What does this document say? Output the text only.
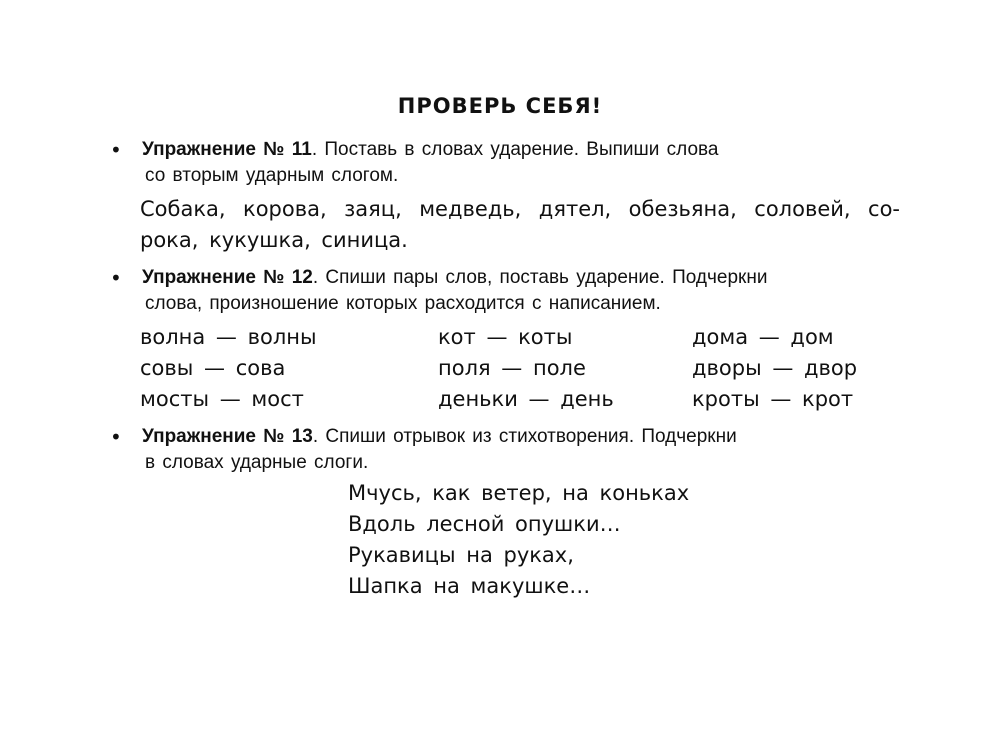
ПРОВЕРЬ СЕБЯ!
• Упражнение № 11. Поставь в словах ударение. Выпиши слова
со вторым ударным слогом.
Собака, корова, заяц, медведь, дятел, обезьяна, соловей, со-рока, кукушка, синица.
• Упражнение № 12. Спиши пары слов, поставь ударение. Подчеркни
слова, произношение которых расходится с написанием.
волна — волны
совы — сова
мосты — мост
кот — коты
поля — поле
деньки — день
дома — дом
дворы — двор
кроты — крот
• Упражнение № 13. Спиши отрывок из стихотворения. Подчеркни
в словах ударные слоги.
Мчусь, как ветер, на коньках
Вдоль лесной опушки…
Рукавицы на руках,
Шапка на макушке…
